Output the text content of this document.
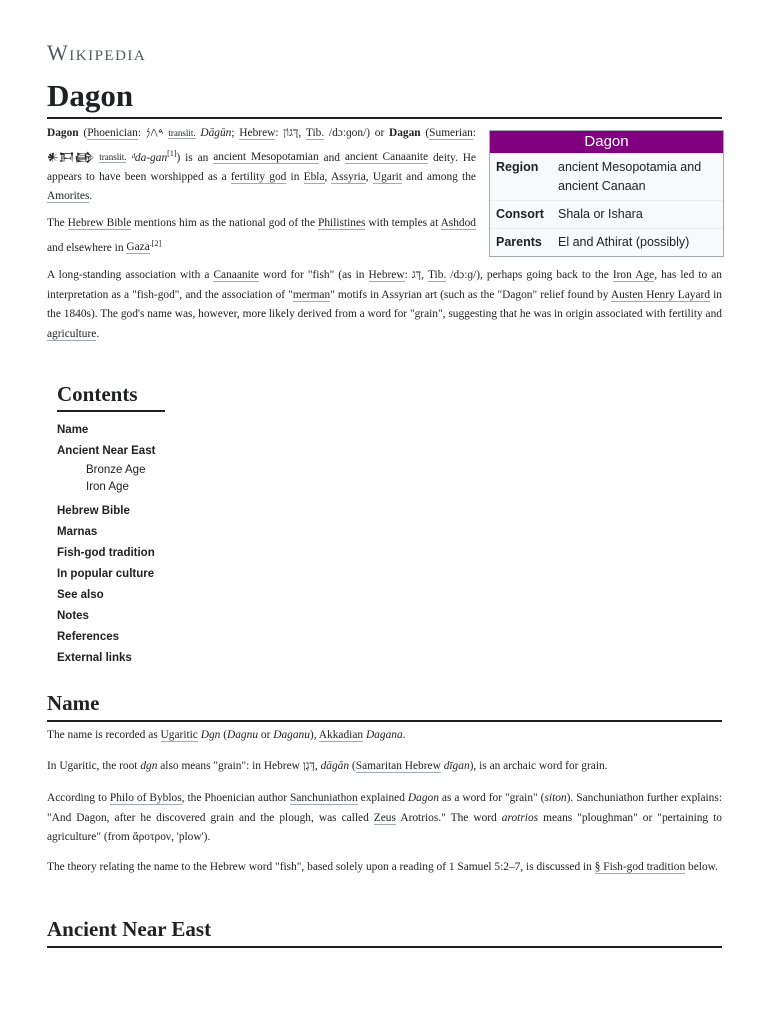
Wikipedia
Dagon

Dagon (Phoenician: 𐤃𐤂𐤍 translit. Dāgūn; Hebrew: דָּגוֹן, Tib. /dɔːɡon/) or Dagan (Sumerian: 𒀭𒁕𒂵 translit. ᵈda-gan[1]) is an ancient Mesopotamian and ancient Canaanite deity. He appears to have been worshipped as a fertility god in Ebla, Assyria, Ugarit and among the Amorites.

The Hebrew Bible mentions him as the national god of the Philistines with temples at Ashdod and elsewhere in Gaza$^{.[2]}$

Dagon
Region	ancient Mesopotamia and ancient Canaan
Consort	Shala or Ishara
Parents	El and Athirat (possibly)

A long-standing association with a Canaanite word for "fish" (as in Hebrew: דָּג, Tib. /dɔːɡ/), perhaps going back to the Iron Age, has led to an interpretation as a "fish-god", and the association of "merman" motifs in Assyrian art (such as the "Dagon" relief found by Austen Henry Layard in the 1840s). The god's name was, however, more likely derived from a word for "grain", suggesting that he was in origin associated with fertility and agriculture.

Contents
Name
Ancient Near East
Bronze Age
Iron Age
Hebrew Bible
Marnas
Fish-god tradition
In popular culture
See also
Notes
References
External links
Name

The name is recorded as Ugaritic Dgn (Dagnu or Daganu), Akkadian Dagana.

In Ugaritic, the root dgn also means "grain": in Hebrew דָּגָן, dāgān (Samaritan Hebrew dīgan), is an archaic word for grain.

According to Philo of Byblos, the Phoenician author Sanchuniathon explained Dagon as a word for "grain" (siton). Sanchuniathon further explains: "And Dagon, after he discovered grain and the plough, was called Zeus Arotrios." The word arotrios means "ploughman" or "pertaining to agriculture" (from ἄροτρον, 'plow').

The theory relating the name to the Hebrew word "fish", based solely upon a reading of 1 Samuel 5:2–7, is discussed in § Fish-god tradition below.

Ancient Near East
